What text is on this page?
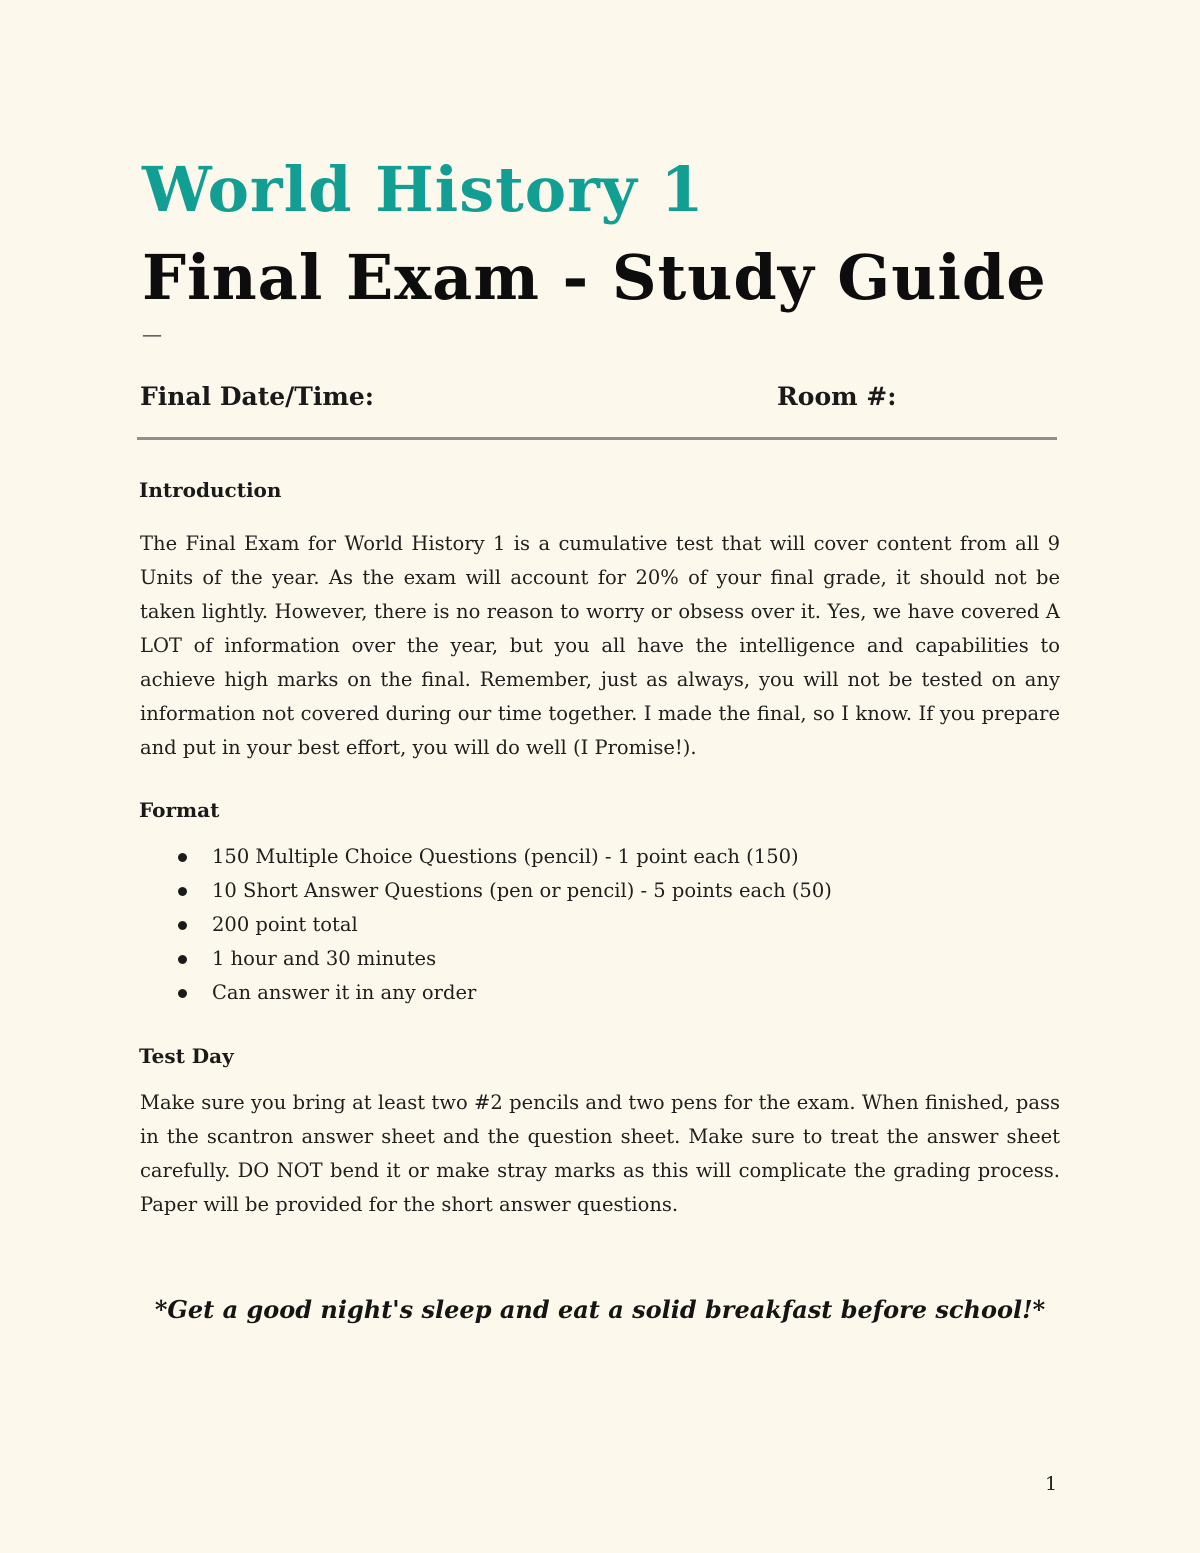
World History 1
Final Exam - Study Guide
—
Final Date/Time:	Room #:
Introduction

The Final Exam for World History 1 is a cumulative test that will cover content from all 9 Units of the year. As the exam will account for 20% of your final grade, it should not be taken lightly. However, there is no reason to worry or obsess over it. Yes, we have covered A LOT of information over the year, but you all have the intelligence and capabilities to achieve high marks on the final. Remember, just as always, you will not be tested on any information not covered during our time together. I made the final, so I know. If you prepare and put in your best effort, you will do well (I Promise!).

Format
150 Multiple Choice Questions (pencil) - 1 point each (150)
10 Short Answer Questions (pen or pencil) - 5 points each (50)
200 point total
1 hour and 30 minutes
Can answer it in any order
Test Day

Make sure you bring at least two #2 pencils and two pens for the exam. When finished, pass in the scantron answer sheet and the question sheet. Make sure to treat the answer sheet carefully. DO NOT bend it or make stray marks as this will complicate the grading process. Paper will be provided for the short answer questions.

*Get a good night's sleep and eat a solid breakfast before school!*

1
